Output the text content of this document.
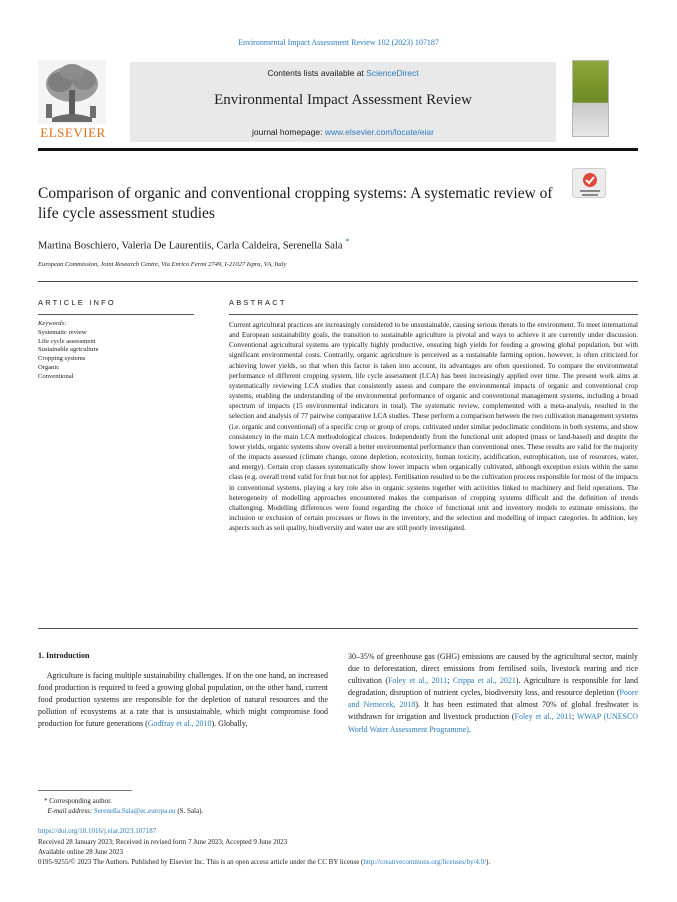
Environmental Impact Assessment Review 102 (2023) 107187
Contents lists available at ScienceDirect
Environmental Impact Assessment Review
journal homepage: www.elsevier.com/locate/eiar
ELSEVIER
Comparison of organic and conventional cropping systems: A systematic review of life cycle assessment studies
Martina Boschiero, Valeria De Laurentiis, Carla Caldeira, Serenella Sala *
European Commission, Joint Research Centre, Via Enrico Fermi 2749, I-21027 Ispra, VA, Italy
ARTICLE INFO	ABSTRACT
Keywords:
Systematic review
Life cycle assessment
Sustainable agriculture
Cropping systems
Organic
Conventional
Current agricultural practices are increasingly considered to be unsustainable, causing serious threats to the environment. To meet international and European sustainability goals, the transition to sustainable agriculture is pivotal and ways to achieve it are currently under discussion. Conventional agricultural systems are typically highly productive, ensuring high yields for feeding a growing global population, but with significant environmental costs. Contrarily, organic agriculture is perceived as a sustainable farming option, however, is often criticized for achieving lower yields, so that when this factor is taken into account, its advantages are often questioned. To compare the environmental performance of different cropping system, life cycle assessment (LCA) has been increasingly applied over time. The present work aims at systematically reviewing LCA studies that consistently assess and compare the environmental impacts of organic and conventional crop systems, enabling the understanding of the environmental performance of organic and conventional management systems, including a broad spectrum of impacts (15 environmental indicators in total). The systematic review, complemented with a meta-analysis, resulted in the selection and analysis of 77 pairwise comparative LCA studies. These perform a comparison between the two cultivation management systems (i.e. organic and conventional) of a specific crop or group of crops, cultivated under similar pedoclimatic conditions in both systems, and show consistency in the main LCA methodological choices. Independently from the functional unit adopted (mass or land-based) and despite the lower yields, organic systems show overall a better environmental performance than conventional ones. These results are valid for the majority of the impacts assessed (climate change, ozone depletion, ecotoxicity, human toxicity, acidification, eutrophication, use of resources, water, and energy). Certain crop classes systematically show lower impacts when organically cultivated, although exception exists within the same class (e.g. overall trend valid for fruit but not for apples). Fertilisation resulted to be the cultivation process responsible for most of the impacts in conventional systems, playing a key role also in organic systems together with activities linked to machinery and field operations. The heterogeneity of modelling approaches encountered makes the comparison of cropping systems difficult and the definition of trends challenging. Modelling differences were found regarding the choice of functional unit and inventory models to estimate emissions, the inclusion or exclusion of certain processes or flows in the inventory, and the selection and modelling of impact categories. In addition, key aspects such as soil quality, biodiversity and water use are still poorly investigated.
1. Introduction
Agriculture is facing multiple sustainability challenges. If on the one hand, an increased food production is required to feed a growing global population, on the other hand, current food production systems are responsible for the depletion of natural resources and the pollution of ecosystems at a rate that is unsustainable, which might compromise food production for future generations (Godfray et al., 2010). Globally,
30–35% of greenhouse gas (GHG) emissions are caused by the agricultural sector, mainly due to deforestation, direct emissions from fertilised soils, livestock rearing and rice cultivation (Foley et al., 2011; Crippa et al., 2021). Agriculture is responsible for land degradation, disruption of nutrient cycles, biodiversity loss, and resource depletion (Poore and Nemecek, 2018). It has been estimated that almost 70% of global freshwater is withdrawn for irrigation and livestock production (Foley et al., 2011; WWAP (UNESCO World Water Assessment Programme),
* Corresponding author.
E-mail address: Serenella.Sala@ec.europa.eu (S. Sala).
https://doi.org/10.1016/j.eiar.2023.107187
Received 28 January 2023; Received in revised form 7 June 2023; Accepted 9 June 2023
Available online 28 June 2023
0195-9255/© 2023 The Authors. Published by Elsevier Inc. This is an open access article under the CC BY license (http://creativecommons.org/licenses/by/4.0/).
